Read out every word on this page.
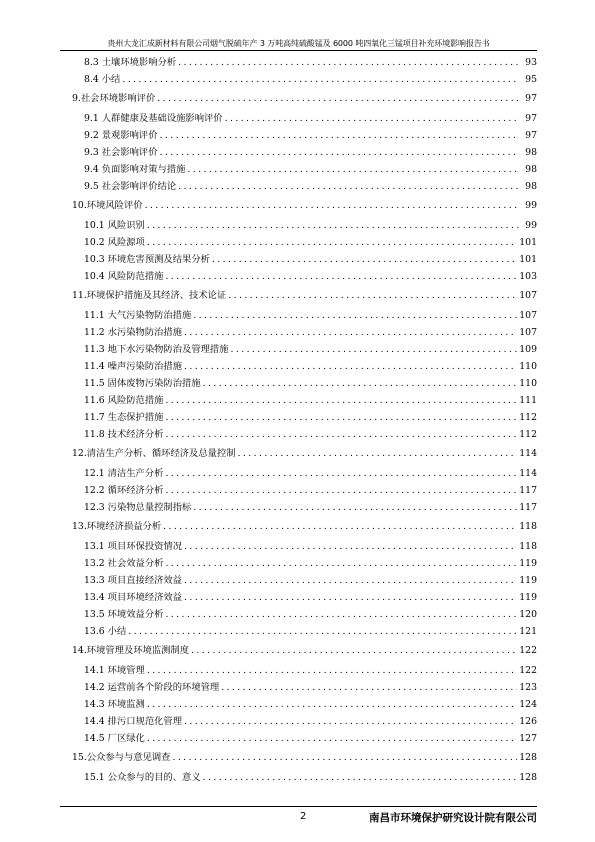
贵州大龙汇成新材料有限公司烟气脱硫年产 3 万吨高纯硫酸锰及 6000 吨四氧化三锰项目补充环境影响报告书
8.3 土壤环境影响分析 .....	93
8.4 小结 .....	95
9.社会环境影响评价 .....	97
9.1 人群健康及基础设施影响评价 .....	97
9.2 景观影响评价 .....	97
9.3 社会影响评价 .....	98
9.4 负面影响对策与措施 .....	98
9.5 社会影响评价结论 .....	98
10.环境风险评价 .....	99
10.1 风险识别 .....	99
10.2 风险源项 .....	101
10.3 环境危害预测及结果分析 .....	101
10.4 风险防范措施 .....	103
11.环境保护措施及其经济、技术论证 .....	107
11.1 大气污染物防治措施 .....	107
11.2 水污染物防治措施 .....	107
11.3 地下水污染物防治及管理措施 .....	109
11.4 噪声污染防治措施 .....	110
11.5 固体废物污染防治措施 .....	110
11.6 风险防范措施 .....	111
11.7 生态保护措施 .....	112
11.8 技术经济分析 .....	112
12.清洁生产分析、循环经济及总量控制 .....	114
12.1 清洁生产分析 .....	114
12.2 循环经济分析 .....	117
12.3 污染物总量控制指标 .....	117
13.环境经济损益分析 .....	118
13.1 项目环保投资情况 .....	118
13.2 社会效益分析 .....	119
13.3 项目直接经济效益 .....	119
13.4 项目环境经济效益 .....	119
13.5 环境效益分析 .....	120
13.6 小结 .....	121
14.环境管理及环境监测制度 .....	122
14.1 环境管理 .....	122
14.2 运营前各个阶段的环境管理 .....	123
14.3 环境监测 .....	124
14.4 排污口规范化管理 .....	126
14.5 厂区绿化 .....	127
15.公众参与与意见调查 .....	128
15.1 公众参与的目的、意义 .....	128
2	南昌市环境保护研究设计院有限公司
